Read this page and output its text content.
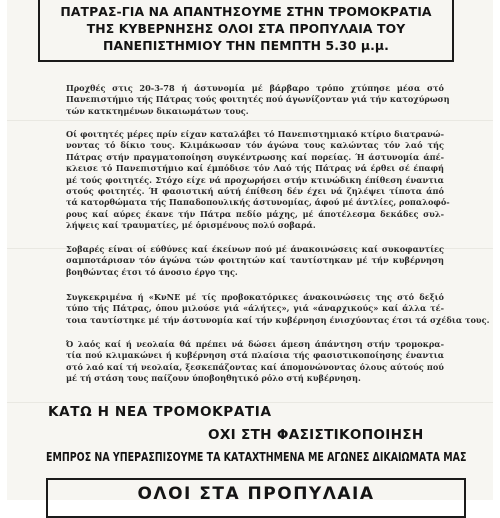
ΠΑΤΡΑΣ-ΓΙΑ ΝΑ ΑΠΑΝΤΗΣΟΥΜΕ ΣΤΗΝ ΤΡΟΜΟΚΡΑΤΙΑ
ΤΗΣ ΚΥΒΕΡΝΗΣΗΣ ΟΛΟΙ ΣΤΑ ΠΡΟΠΥΛΑΙΑ ΤΟΥ
ΠΑΝΕΠΙΣΤΗΜΙΟΥ ΤΗΝ ΠΕΜΠΤΗ 5.30 μ.μ.
Προχθές στις 20-3-78 ή άστυνομία μέ βάρβαρο τρόπο χτύπησε μέσα στό
Πανεπιστήμιο τής Πάτρας τούς φοιτητές πού άγωνίζονταν γιά τήν κατοχύρωση
τών κατκτημένων δικαιωμάτων τους.
Οί φοιτητές μέρες πρίν είχαν καταλάβει τό Πανεπιστημιακό κτίριο διατρανώ-
νοντας τό δίκιο τους. Κλιμάκωσαν τόν άγώνα τους καλώντας τόν λαό τής
Πάτρας στήν πραγματοποίηση συγκέντρωσης καί πορείας. Ή άστυνομία άπέ-
κλεισε τό Πανεπιστήμιο καί έμπόδισε τόν Λαό τής Πάτρας νά έρθει σέ έπαφή
μέ τούς φοιτητές. Στόχο είχε νά προχωρήσει στήν κτινώδικη έπίθεση έναντια
στούς φοιτητές. Ή φασιστική αύτή έπίθεση δέν έχει νά ζηλέψει τίποτα άπό
τά κατορθώματα τής Παπαδοπουλικής άστυνομίας, άφού μέ άντλίες, ροπαλοφό-
ρους καί αύρες έκανε τήν Πάτρα πεδίο μάχης, μέ άποτέλεσμα δεκάδες συλ-
λήψεις καί τραυματίες, μέ όρισμένους πολύ σοβαρά.
Σοβαρές είναι οί εύθύνες καί έκείνων πού μέ άνακοινώσεις καί συκοφαντίες
σαμποτάρισαν τόν άγώνα τών φοιτητών καί ταυτίστηκαν μέ τήν κυβέρνηση
βοηθώντας έτσι τό άνοσιο έργο της.
Συγκεκριμένα ή «ΚνΝΕ μέ τίς προβοκατόρικες άνακοινώσεις της στό δεξιό
τύπο τής Πάτρας, όπου μιλούσε γιά «άλήτες», γιά «άναρχικούς» καί άλλα τέ-
τοια ταυτίστηκε μέ τήν άστυνομία καί τήν κυβέρνηση ένισχύοντας έτσι τά σχέδια τους.
Ό λαός καί ή νεολαία θά πρέπει νά δώσει άμεση άπάντηση στήν τρομοκρα-
τία πού κλιμακώνει ή κυβέρνηση στά πλαίσια τής φασιστικοποίησης έναντια
στό λαό καί τή νεολαία, ξεσκεπάζοντας καί άπομονώνοντας όλους αύτούς πού
μέ τή στάση τους παίζουν ύποβοηθητικό ρόλο στή κυβέρνηση.
ΚΑΤΩ Η ΝΕΑ ΤΡΟΜΟΚΡΑΤΙΑ
ΟΧΙ ΣΤΗ ΦΑΣΙΣΤΙΚΟΠΟΙΗΣΗ
ΕΜΠΡΟΣ ΝΑ ΥΠΕΡΑΣΠΙΣΟΥΜΕ ΤΑ ΚΑΤΑΧΤΗΜΕΝΑ ΜΕ ΑΓΩΝΕΣ ΔΙΚΑΙΩΜΑΤΑ ΜΑΣ
ΟΛΟΙ ΣΤΑ ΠΡΟΠΥΛΑΙΑ
